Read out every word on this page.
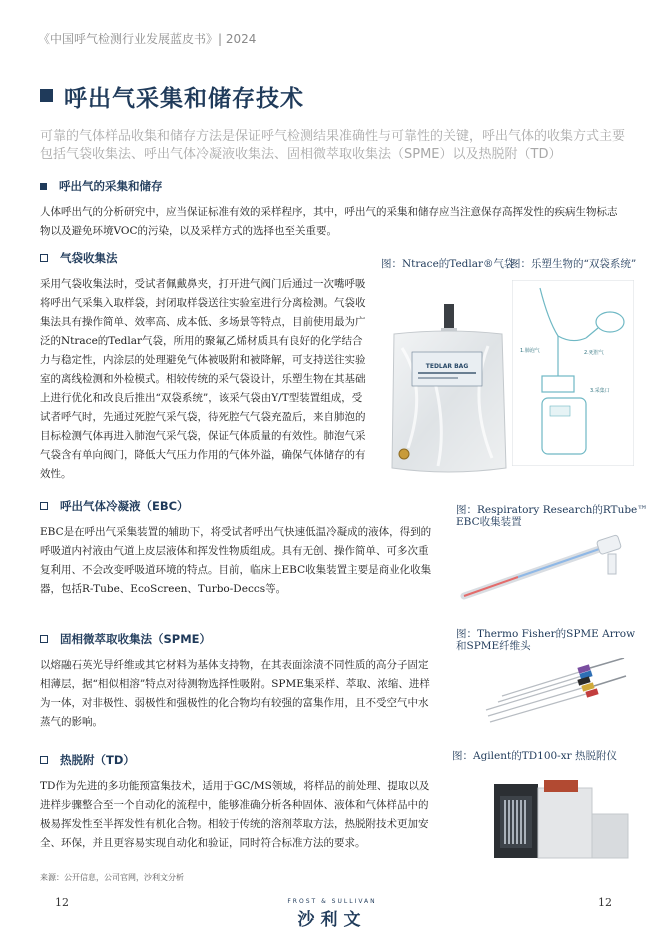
《中国呼气检测行业发展蓝皮书》| 2024
呼出气采集和储存技术
可靠的气体样品收集和储存方法是保证呼气检测结果准确性与可靠性的关键，呼出气体的收集方式主要包括气袋收集法、呼出气体冷凝液收集法、固相微萃取收集法（SPME）以及热脱附（TD）
呼出气的采集和储存
人体呼出气的分析研究中，应当保证标准有效的采样程序，其中，呼出气的采集和储存应当注意保存高挥发性的疾病生物标志物以及避免环境VOC的污染，以及采样方式的选择也至关重要。
气袋收集法
采用气袋收集法时，受试者佩戴鼻夹，打开进气阀门后通过一次嘴呼吸将呼出气采集入取样袋，封闭取样袋送往实验室进行分离检测。气袋收集法具有操作简单、效率高、成本低、多场景等特点，目前使用最为广泛的Ntrace的Tedlar气袋，所用的聚氟乙烯材质具有良好的化学结合力与稳定性，内涂层的处理避免气体被吸附和被降解，可支持送往实验室的离线检测和外检模式。相较传统的采气袋设计，乐塑生物在其基础上进行优化和改良后推出“双袋系统”，该采气袋由Y/T型装置组成，受试者呼气时，先通过死腔气采气袋，待死腔气气袋充盈后，来自肺泡的目标检测气体再进入肺泡气采气袋，保证气体质量的有效性。肺泡气采气袋含有单向阀门，降低大气压力作用的气体外溢，确保气体储存的有效性。
呼出气体冷凝液（EBC）
EBC是在呼出气采集装置的辅助下，将受试者呼出气快速低温冷凝成的液体，得到的呼吸道内衬液由气道上皮层液体和挥发性物质组成。具有无创、操作简单、可多次重复利用、不会改变呼吸道环境的特点。目前，临床上EBC收集装置主要是商业化收集器，包括R-Tube、EcoScreen、Turbo-Deccs等。
固相微萃取收集法（SPME）
以熔融石英光导纤维或其它材料为基体支持物，在其表面涂渍不同性质的高分子固定相薄层，据“相似相溶”特点对待测物选择性吸附。SPME集采样、萃取、浓缩、进样为一体，对非极性、弱极性和强极性的化合物均有较强的富集作用，且不受空气中水蒸气的影响。
热脱附（TD）
TD作为先进的多功能预富集技术，适用于GC/MS领域，将样品的前处理、提取以及进样步骤整合至一个自动化的流程中，能够准确分析各种固体、液体和气体样品中的极易挥发性至半挥发性有机化合物。相较于传统的溶剂萃取方法，热脱附技术更加安全、环保，并且更容易实现自动化和验证，同时符合标准方法的要求。
图：Ntrace的Tedlar®气袋
图：乐塑生物的“双袋系统”
图：Respiratory Research的RTube™
EBC收集装置
图：Thermo Fisher的SPME Arrow
和SPME纤维头
图：Agilent的TD100-xr 热脱附仪
TEDLAR BAG
1.肺泡气	2.死腔气
3.采集口
来源：公开信息，公司官网，沙利文分析
12	12
FROST & SULLIVAN
沙利文
